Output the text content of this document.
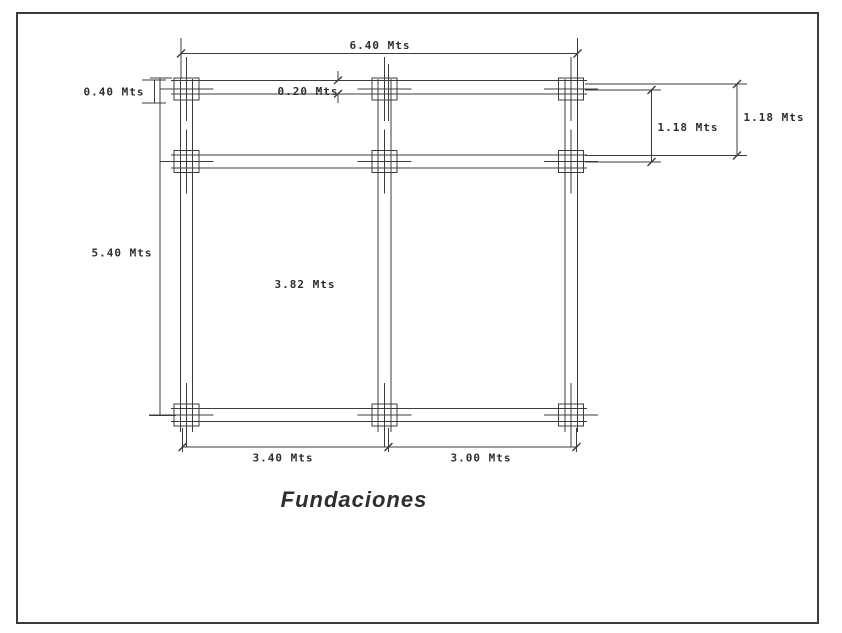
6.40 Mts
0.20 Mts
0.40 Mts
5.40 Mts
1.18 Mts
1.18 Mts
3.82 Mts
3.40 Mts	3.00 Mts
Fundaciones
